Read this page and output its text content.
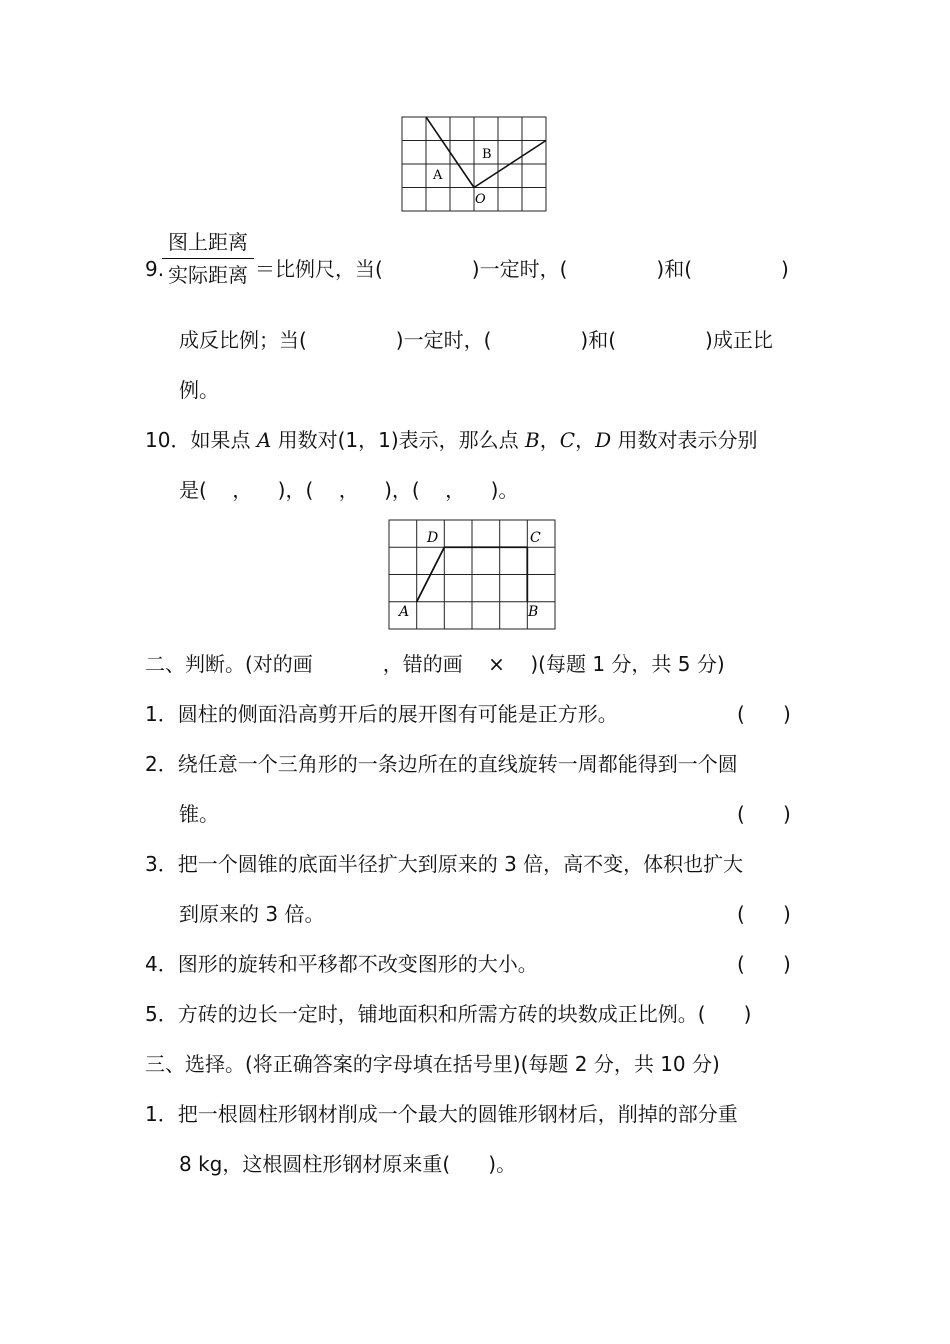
A
B
O
9.
图上距离
实际距离 ＝比例尺，当(              )一定时，(              )和(              )
成反比例；当(              )一定时，(              )和(              )成正比
例。
10．如果点 A 用数对(1，1)表示，那么点 B，C，D 用数对表示分别
是(    ，    )，(    ，    )，(    ，    )。
A	B
C
D
二、判断。(对的画           ，错的画    ×    )(每题 1 分，共 5 分)
1．圆柱的侧面沿高剪开后的展开图有可能是正方形。	(      )
2．绕任意一个三角形的一条边所在的直线旋转一周都能得到一个圆
锥。	(      )
3．把一个圆锥的底面半径扩大到原来的 3 倍，高不变，体积也扩大
到原来的 3 倍。	(      )
4．图形的旋转和平移都不改变图形的大小。	(      )
5．方砖的边长一定时，铺地面积和所需方砖的块数成正比例。(      )
三、选择。(将正确答案的字母填在括号里)(每题 2 分，共 10 分)
1．把一根圆柱形钢材削成一个最大的圆锥形钢材后，削掉的部分重
8 kg，这根圆柱形钢材原来重(      )。
